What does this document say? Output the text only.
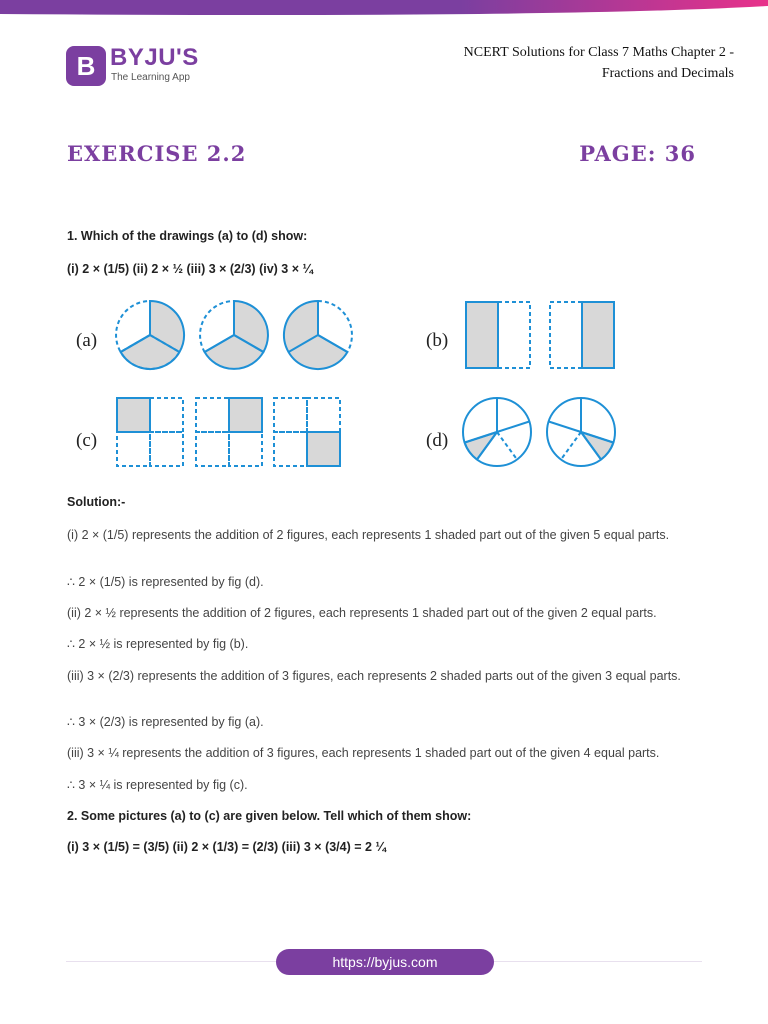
B BYJU'S
The Learning App
NCERT Solutions for Class 7 Maths Chapter 2 -
Fractions and Decimals
EXERCISE 2.2	PAGE: 36
1. Which of the drawings (a) to (d) show:
(i) 2 × (1/5) (ii) 2 × ½ (iii) 3 × (2/3) (iv) 3 × ¼
(a)	(b)
(c)	(d)
Solution:-
(i) 2 × (1/5) represents the addition of 2 figures, each represents 1 shaded part out of the given 5 equal parts.
∴ 2 × (1/5) is represented by fig (d).
(ii) 2 × ½ represents the addition of 2 figures, each represents 1 shaded part out of the given 2 equal parts.
∴ 2 × ½ is represented by fig (b).
(iii) 3 × (2/3) represents the addition of 3 figures, each represents 2 shaded parts out of the given 3 equal parts.
∴ 3 × (2/3) is represented by fig (a).
(iii) 3 × ¼ represents the addition of 3 figures, each represents 1 shaded part out of the given 4 equal parts.
∴ 3 × ¼ is represented by fig (c).
2. Some pictures (a) to (c) are given below. Tell which of them show:
(i) 3 × (1/5) = (3/5) (ii) 2 × (1/3) = (2/3) (iii) 3 × (3/4) = 2 ¼
https://byjus.com
